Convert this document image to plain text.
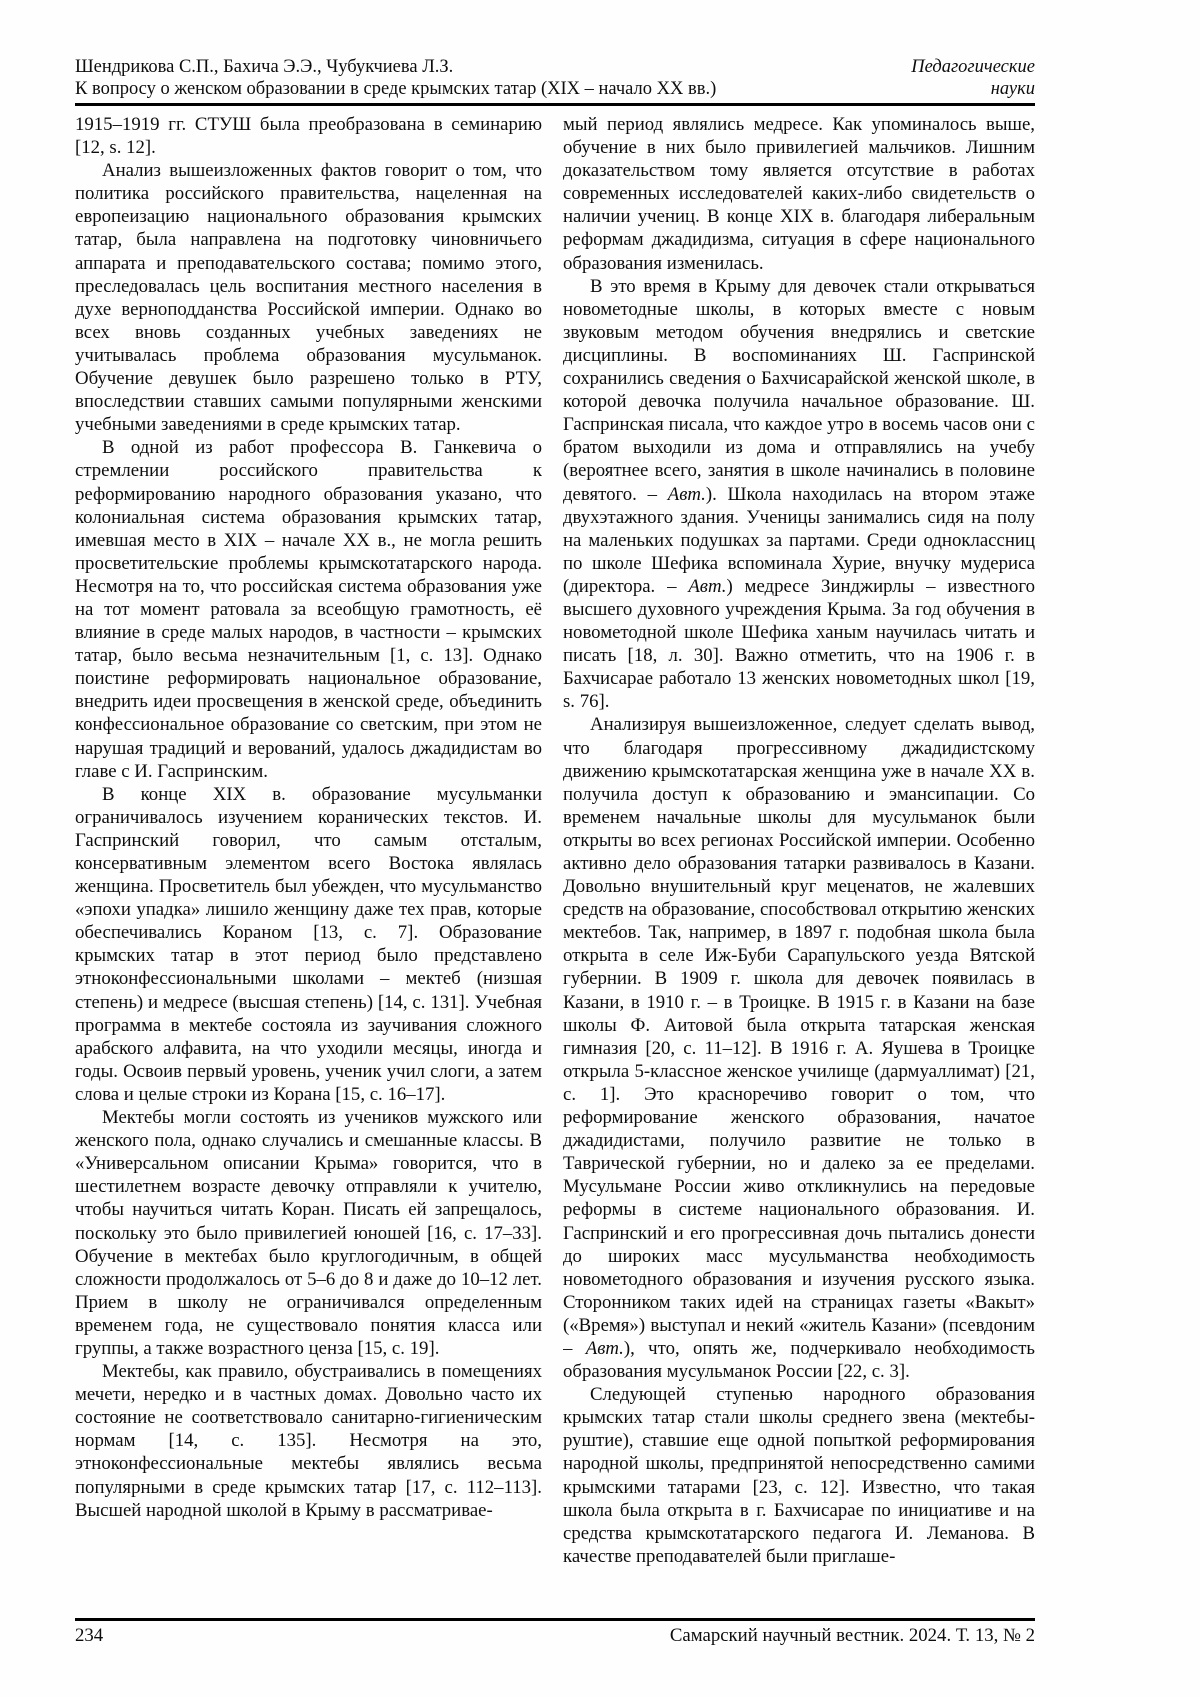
Шендрикова С.П., Бахича Э.Э., Чубукчиева Л.З.
К вопросу о женском образовании в среде крымских татар (XIX – начало XX вв.)
Педагогические
науки

1915–1919 гг. СТУШ была преобразована в семинарию [12, s. 12].

Анализ вышеизложенных фактов говорит о том, что политика российского правительства, нацеленная на европеизацию национального образования крымских татар, была направлена на подготовку чиновничьего аппарата и преподавательского состава; помимо этого, преследовалась цель воспитания местного населения в духе верноподданства Российской империи. Однако во всех вновь созданных учебных заведениях не учитывалась проблема образования мусульманок. Обучение девушек было разрешено только в РТУ, впоследствии ставших самыми популярными женскими учебными заведениями в среде крымских татар.

В одной из работ профессора В. Ганкевича о стремлении российского правительства к реформированию народного образования указано, что колониальная система образования крымских татар, имевшая место в XIX – начале XX в., не могла решить просветительские проблемы крымскотатарского народа. Несмотря на то, что российская система образования уже на тот момент ратовала за всеобщую грамотность, её влияние в среде малых народов, в частности – крымских татар, было весьма незначительным [1, с. 13]. Однако поистине реформировать национальное образование, внедрить идеи просвещения в женской среде, объединить конфессиональное образование со светским, при этом не нарушая традиций и верований, удалось джадидистам во главе с И. Гаспринским.

В конце XIX в. образование мусульманки ограничивалось изучением коранических текстов. И. Гаспринский говорил, что самым отсталым, консервативным элементом всего Востока являлась женщина. Просветитель был убежден, что мусульманство «эпохи упадка» лишило женщину даже тех прав, которые обеспечивались Кораном [13, с. 7]. Образование крымских татар в этот период было представлено этноконфессиональными школами – мектеб (низшая степень) и медресе (высшая степень) [14, с. 131]. Учебная программа в мектебе состояла из заучивания сложного арабского алфавита, на что уходили месяцы, иногда и годы. Освоив первый уровень, ученик учил слоги, а затем слова и целые строки из Корана [15, с. 16–17].

Мектебы могли состоять из учеников мужского или женского пола, однако случались и смешанные классы. В «Универсальном описании Крыма» говорится, что в шестилетнем возрасте девочку отправляли к учителю, чтобы научиться читать Коран. Писать ей запрещалось, поскольку это было привилегией юношей [16, с. 17–33]. Обучение в мектебах было круглогодичным, в общей сложности продолжалось от 5–6 до 8 и даже до 10–12 лет. Прием в школу не ограничивался определенным временем года, не существовало понятия класса или группы, а также возрастного ценза [15, с. 19].

Мектебы, как правило, обустраивались в помещениях мечети, нередко и в частных домах. Довольно часто их состояние не соответствовало санитарно-гигиеническим нормам [14, с. 135]. Несмотря на это, этноконфессиональные мектебы являлись весьма популярными в среде крымских татар [17, с. 112–113]. Высшей народной школой в Крыму в рассматривае-

мый период являлись медресе. Как упоминалось выше, обучение в них было привилегией мальчиков. Лишним доказательством тому является отсутствие в работах современных исследователей каких-либо свидетельств о наличии учениц. В конце XIX в. благодаря либеральным реформам джадидизма, ситуация в сфере национального образования изменилась.

В это время в Крыму для девочек стали открываться новометодные школы, в которых вместе с новым звуковым методом обучения внедрялись и светские дисциплины. В воспоминаниях Ш. Гаспринской сохранились сведения о Бахчисарайской женской школе, в которой девочка получила начальное образование. Ш. Гаспринская писала, что каждое утро в восемь часов они с братом выходили из дома и отправлялись на учебу (вероятнее всего, занятия в школе начинались в половине девятого. – Авт.). Школа находилась на втором этаже двухэтажного здания. Ученицы занимались сидя на полу на маленьких подушках за партами. Среди одноклассниц по школе Шефика вспоминала Хурие, внучку мудериса (директора. – Авт.) медресе Зинджирлы – известного высшего духовного учреждения Крыма. За год обучения в новометодной школе Шефика ханым научилась читать и писать [18, л. 30]. Важно отметить, что на 1906 г. в Бахчисарае работало 13 женских новометодных школ [19, s. 76].

Анализируя вышеизложенное, следует сделать вывод, что благодаря прогрессивному джадидистскому движению крымскотатарская женщина уже в начале XX в. получила доступ к образованию и эмансипации. Со временем начальные школы для мусульманок были открыты во всех регионах Российской империи. Особенно активно дело образования татарки развивалось в Казани. Довольно внушительный круг меценатов, не жалевших средств на образование, способствовал открытию женских мектебов. Так, например, в 1897 г. подобная школа была открыта в селе Иж-Буби Сарапульского уезда Вятской губернии. В 1909 г. школа для девочек появилась в Казани, в 1910 г. – в Троицке. В 1915 г. в Казани на базе школы Ф. Аитовой была открыта татарская женская гимназия [20, с. 11–12]. В 1916 г. А. Яушева в Троицке открыла 5-классное женское училище (дармуаллимат) [21, с. 1]. Это красноречиво говорит о том, что реформирование женского образования, начатое джадидистами, получило развитие не только в Таврической губернии, но и далеко за ее пределами. Мусульмане России живо откликнулись на передовые реформы в системе национального образования. И. Гаспринский и его прогрессивная дочь пытались донести до широких масс мусульманства необходимость новометодного образования и изучения русского языка. Сторонником таких идей на страницах газеты «Вакыт» («Время») выступал и некий «житель Казани» (псевдоним – Авт.), что, опять же, подчеркивало необходимость образования мусульманок России [22, с. 3].

Следующей ступенью народного образования крымских татар стали школы среднего звена (мектебы-руштие), ставшие еще одной попыткой реформирования народной школы, предпринятой непосредственно самими крымскими татарами [23, с. 12]. Известно, что такая школа была открыта в г. Бахчисарае по инициативе и на средства крымскотатарского педагога И. Леманова. В качестве преподавателей были приглаше-

234	Самарский научный вестник. 2024. Т. 13, № 2
